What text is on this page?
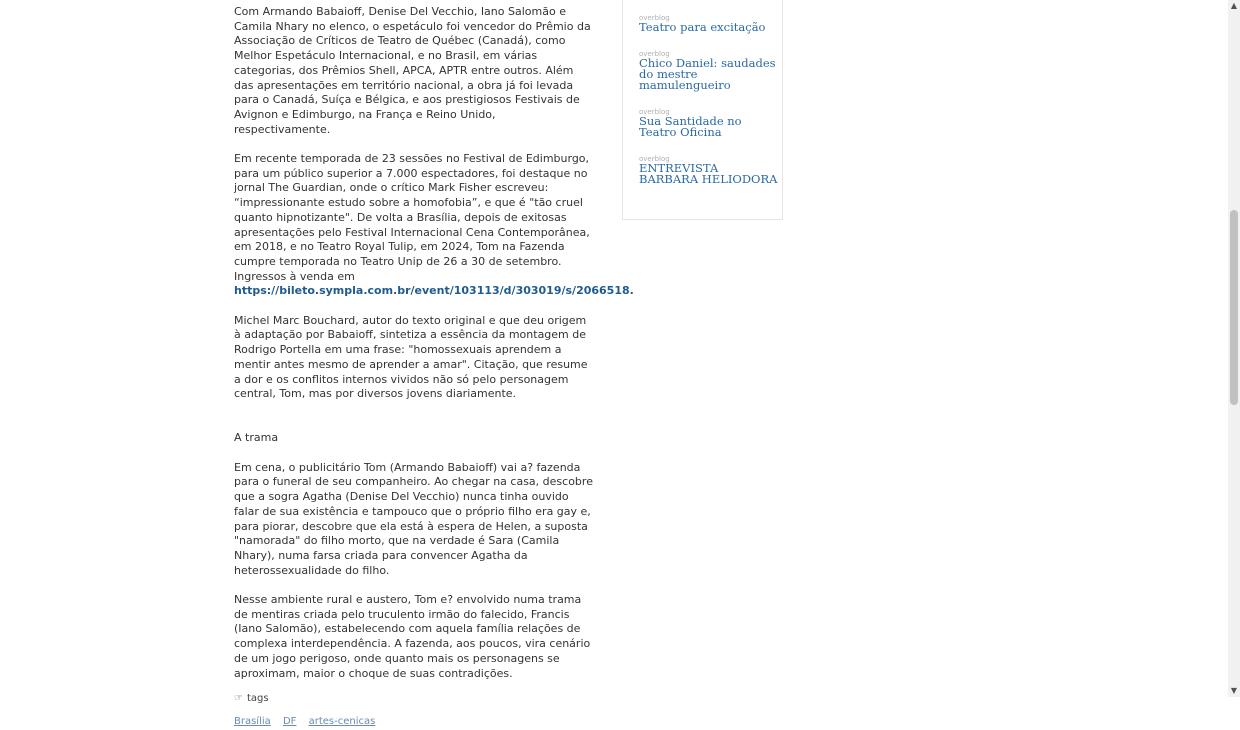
Com Armando Babaioff, Denise Del Vecchio, Iano Salomão e Camila Nhary no elenco, o espetáculo foi vencedor do Prêmio da Associação de Críticos de Teatro de Québec (Canadá), como Melhor Espetáculo Internacional, e no Brasil, em várias categorias, dos Prêmios Shell, APCA, APTR entre outros. Além das apresentações em território nacional, a obra já foi levada para o Canadá, Suíça e Bélgica, e aos prestigiosos Festivais de Avignon e Edimburgo, na França e Reino Unido, respectivamente.

Em recente temporada de 23 sessões no Festival de Edimburgo, para um público superior a 7.000 espectadores, foi destaque no jornal The Guardian, onde o crítico Mark Fisher escreveu: “impressionante estudo sobre a homofobia”, e que é "tão cruel quanto hipnotizante". De volta a Brasília, depois de exitosas apresentações pelo Festival Internacional Cena Contemporânea, em 2018, e no Teatro Royal Tulip, em 2024, Tom na Fazenda cumpre temporada no Teatro Unip de 26 a 30 de setembro. Ingressos à venda em https://bileto.sympla.com.br/event/103113/d/303019/s/2066518.

Michel Marc Bouchard, autor do texto original e que deu origem à adaptação por Babaioff, sintetiza a essência da montagem de Rodrigo Portella em uma frase: "homossexuais aprendem a mentir antes mesmo de aprender a amar". Citação, que resume a dor e os conflitos internos vividos não só pelo personagem central, Tom, mas por diversos jovens diariamente.

A trama

Em cena, o publicitário Tom (Armando Babaioff) vai a? fazenda para o funeral de seu companheiro. Ao chegar na casa, descobre que a sogra Agatha (Denise Del Vecchio) nunca tinha ouvido falar de sua existência e tampouco que o próprio filho era gay e, para piorar, descobre que ela está à espera de Helen, a suposta "namorada" do filho morto, que na verdade é Sara (Camila Nhary), numa farsa criada para convencer Agatha da heterossexualidade do filho.

Nesse ambiente rural e austero, Tom e? envolvido numa trama de mentiras criada pelo truculento irmão do falecido, Francis (Iano Salomão), estabelecendo com aquela família relações de complexa interdependência. A fazenda, aos poucos, vira cenário de um jogo perigoso, onde quanto mais os personagens se aproximam, maior o choque de suas contradições.

☞ tags
Brasília DF artes-cenicas
overblog
Teatro para excitação
overblog
Chico Daniel: saudades do mestre mamulengueiro
overblog
Sua Santidade no Teatro Oficina
overblog
ENTREVISTA BARBARA HELIODORA
▲
▼
